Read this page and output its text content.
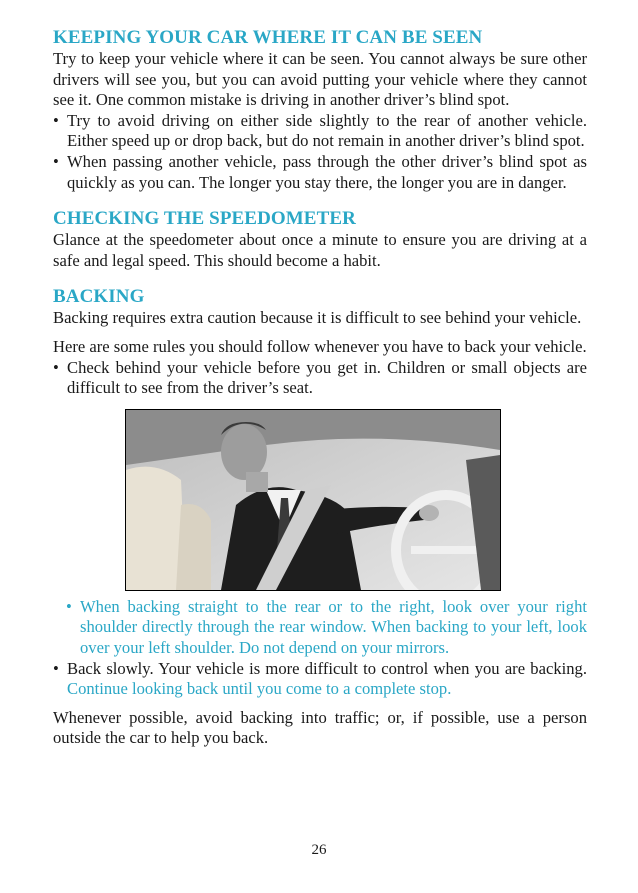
KEEPING YOUR CAR WHERE IT CAN BE SEEN

Try to keep your vehicle where it can be seen. You cannot always be sure other drivers will see you, but you can avoid putting your vehicle where they cannot see it. One common mistake is driving in another driver’s blind spot.

• Try to avoid driving on either side slightly to the rear of another vehicle. Either speed up or drop back, but do not remain in another driver’s blind spot.
• When passing another vehicle, pass through the other driver’s blind spot as quickly as you can. The longer you stay there, the longer you are in danger.
CHECKING THE SPEEDOMETER

Glance at the speedometer about once a minute to ensure you are driving at a safe and legal speed. This should become a habit.

BACKING

Backing requires extra caution because it is difficult to see behind your vehicle.

Here are some rules you should follow whenever you have to back your vehicle.

• Check behind your vehicle before you get in. Children or small objects are difficult to see from the driver’s seat.
• When backing straight to the rear or to the right, look over your right shoulder directly through the rear window. When backing to your left, look over your left shoulder. Do not depend on your mirrors.
• Back slowly. Your vehicle is more difficult to control when you are backing. Continue looking back until you come to a complete stop.

Whenever possible, avoid backing into traffic; or, if possible, use a person outside the car to help you back.

26
